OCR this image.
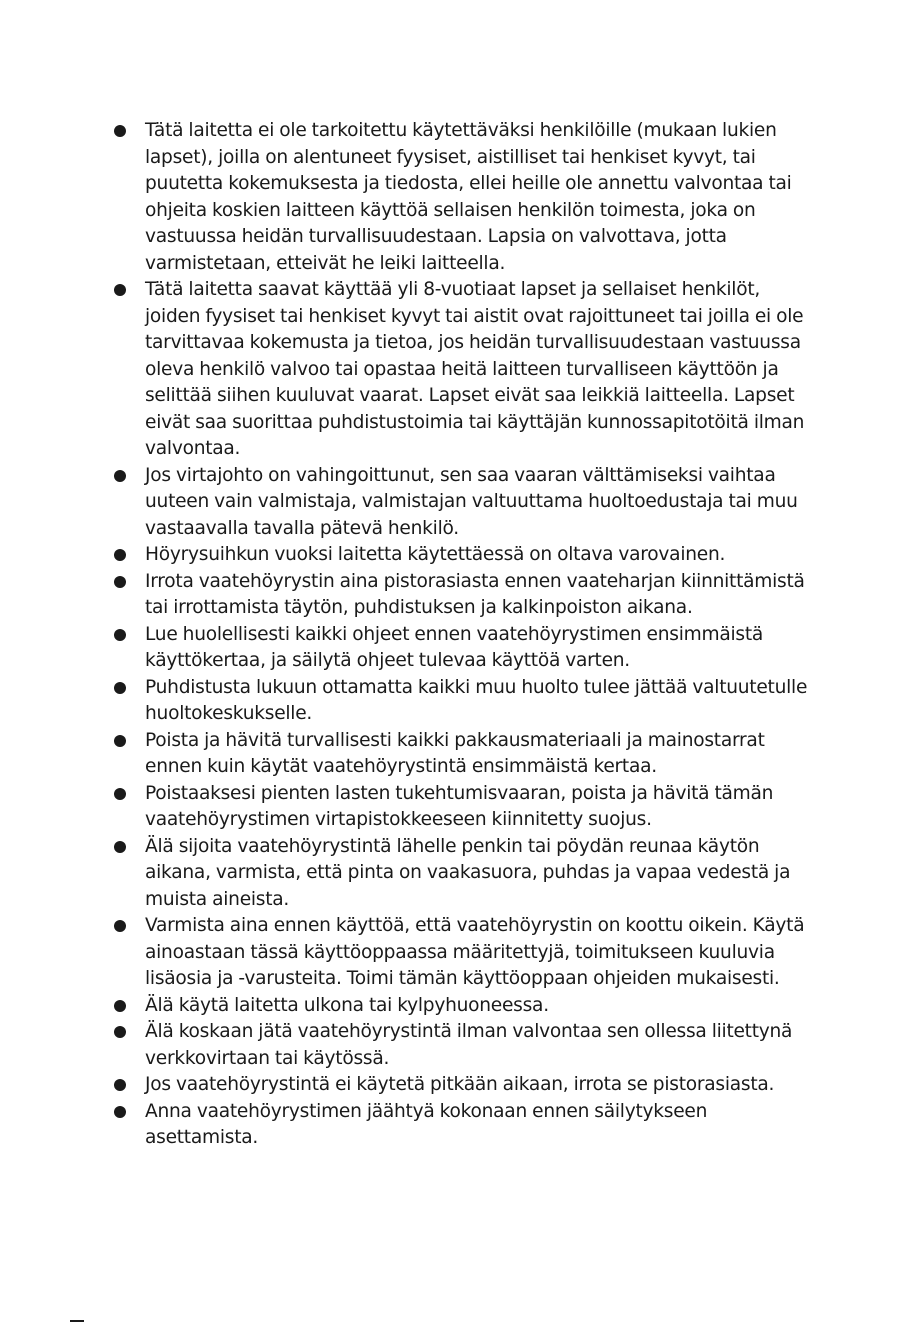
Tätä laitetta ei ole tarkoitettu käytettäväksi henkilöille (mukaan lukien lapset), joilla on alentuneet fyysiset, aistilliset tai henkiset kyvyt, tai puutetta kokemuksesta ja tiedosta, ellei heille ole annettu valvontaa tai ohjeita koskien laitteen käyttöä sellaisen henkilön toimesta, joka on vastuussa heidän turvallisuudestaan. Lapsia on valvottava, jotta varmistetaan, etteivät he leiki laitteella.
Tätä laitetta saavat käyttää yli 8-vuotiaat lapset ja sellaiset henkilöt, joiden fyysiset tai henkiset kyvyt tai aistit ovat rajoittuneet tai joilla ei ole tarvittavaa kokemusta ja tietoa, jos heidän turvallisuudestaan vastuussa oleva henkilö valvoo tai opastaa heitä laitteen turvalliseen käyttöön ja selittää siihen kuuluvat vaarat. Lapset eivät saa leikkiä laitteella. Lapset eivät saa suorittaa puhdistustoimia tai käyttäjän kunnossapitotöitä ilman valvontaa.
Jos virtajohto on vahingoittunut, sen saa vaaran välttämiseksi vaihtaa uuteen vain valmistaja, valmistajan valtuuttama huoltoedustaja tai muu vastaavalla tavalla pätevä henkilö.
Höyrysuihkun vuoksi laitetta käytettäessä on oltava varovainen.
Irrota vaatehöyrystin aina pistorasiasta ennen vaateharjan kiinnittämistä tai irrottamista täytön, puhdistuksen ja kalkinpoiston aikana.
Lue huolellisesti kaikki ohjeet ennen vaatehöyrystimen ensimmäistä käyttökertaa, ja säilytä ohjeet tulevaa käyttöä varten.
Puhdistusta lukuun ottamatta kaikki muu huolto tulee jättää valtuutetulle huoltokeskukselle.
Poista ja hävitä turvallisesti kaikki pakkausmateriaali ja mainostarrat ennen kuin käytät vaatehöyrystintä ensimmäistä kertaa.
Poistaaksesi pienten lasten tukehtumisvaaran, poista ja hävitä tämän vaatehöyrystimen virtapistokkeeseen kiinnitetty suojus.
Älä sijoita vaatehöyrystintä lähelle penkin tai pöydän reunaa käytön aikana, varmista, että pinta on vaakasuora, puhdas ja vapaa vedestä ja muista aineista.
Varmista aina ennen käyttöä, että vaatehöyrystin on koottu oikein. Käytä ainoastaan tässä käyttöoppaassa määritettyjä, toimitukseen kuuluvia lisäosia ja -varusteita. Toimi tämän käyttöoppaan ohjeiden mukaisesti.
Älä käytä laitetta ulkona tai kylpyhuoneessa.
Älä koskaan jätä vaatehöyrystintä ilman valvontaa sen ollessa liitettynä verkkovirtaan tai käytössä.
Jos vaatehöyrystintä ei käytetä pitkään aikaan, irrota se pistorasiasta.
Anna vaatehöyrystimen jäähtyä kokonaan ennen säilytykseen asettamista.
